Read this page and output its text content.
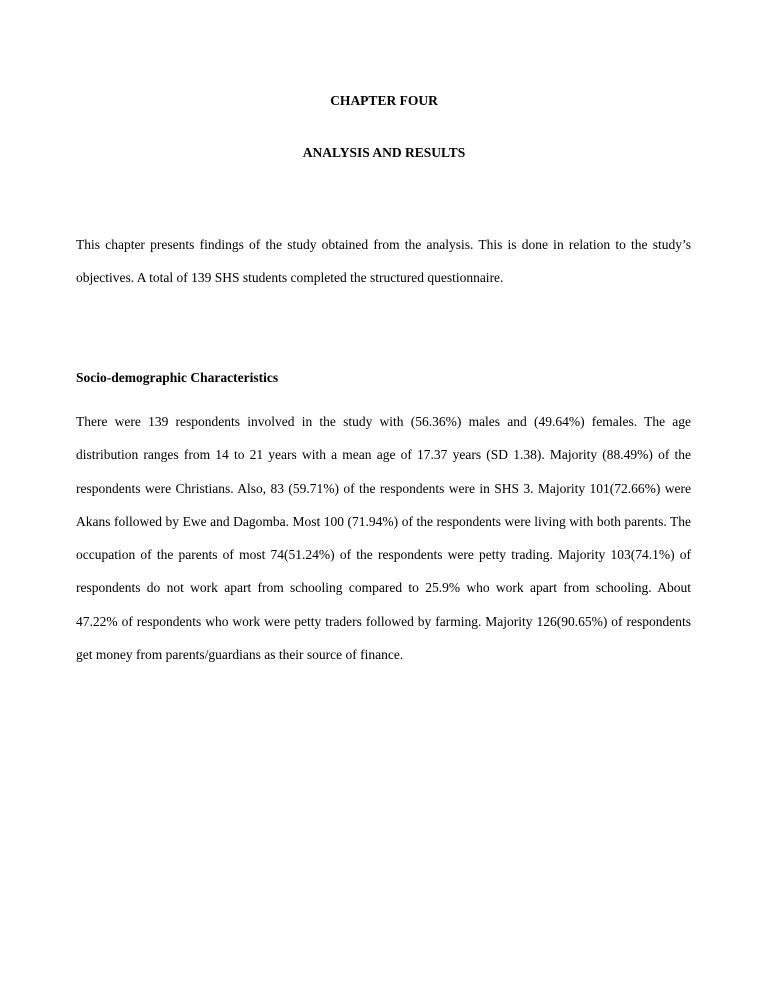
CHAPTER FOUR
ANALYSIS AND RESULTS

This chapter presents findings of the study obtained from the analysis. This is done in relation to the study’s objectives. A total of 139 SHS students completed the structured questionnaire.

Socio-demographic Characteristics

There were 139 respondents involved in the study with (56.36%) males and (49.64%) females. The age distribution ranges from 14 to 21 years with a mean age of 17.37 years (SD 1.38). Majority (88.49%) of the respondents were Christians. Also, 83 (59.71%) of the respondents were in SHS 3. Majority 101(72.66%) were Akans followed by Ewe and Dagomba. Most 100 (71.94%) of the respondents were living with both parents. The occupation of the parents of most 74(51.24%) of the respondents were petty trading. Majority 103(74.1%) of respondents do not work apart from schooling compared to 25.9% who work apart from schooling. About 47.22% of respondents who work were petty traders followed by farming. Majority 126(90.65%) of respondents get money from parents/guardians as their source of finance.
